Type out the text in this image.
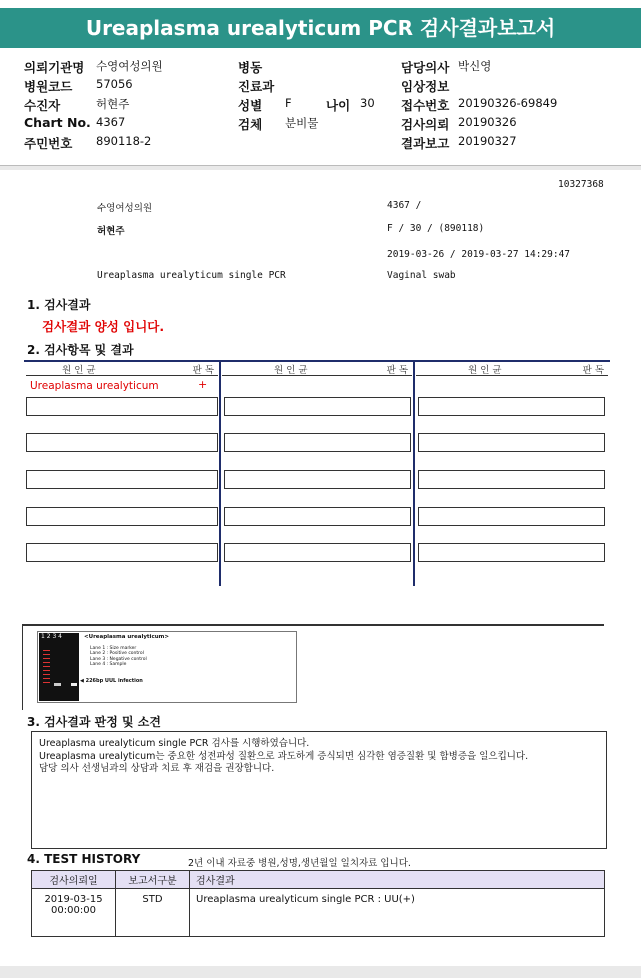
Ureaplasma urealyticum PCR 검사결과보고서
의뢰기관명 수영여성의원
병원코드 57056
수진자	허현주
Chart No. 4367
주민번호 890118-2
병동
진료과
성별 F	나이 30
검체 분비물
담당의사 박신영
임상정보
접수번호 20190326-69849
검사의뢰 20190326
결과보고 20190327
10327368
수영여성의원	4367 /
허현주	F / 30 / (890118)
2019-03-26 / 2019-03-27 14:29:47
Ureaplasma urealyticum single PCR	Vaginal swab
1. 검사결과
검사결과 양성 입니다.
2. 검사항목 및 결과
원 인 균	판 독	원 인 균	판 독	원 인 균	판 독
Ureaplasma urealyticum	+
1 2 3 4	<Ureaplasma urealyticum>
Lane 1 : Size marker
Lane 2 : Positive control
Lane 3 : Negative control
Lane 4 : Sample
◀ 226bp UUL infection
3. 검사결과 판정 및 소견
Ureaplasma urealyticum single PCR 검사를 시행하였습니다.
Ureaplasma urealyticum는 중요한 성전파성 질환으로 과도하게 증식되면 심각한 염증질환 및 합병증을 일으킵니다.
담당 의사 선생님과의 상담과 치료 후 재검을 권장합니다.
4. TEST HISTORY	2년 이내 자료중 병원,성명,생년월일 일치자료 입니다.
검사의뢰일	보고서구분	검사결과

2019-03-15
00:00:00	STD	Ureaplasma urealyticum single PCR : UU(+)
